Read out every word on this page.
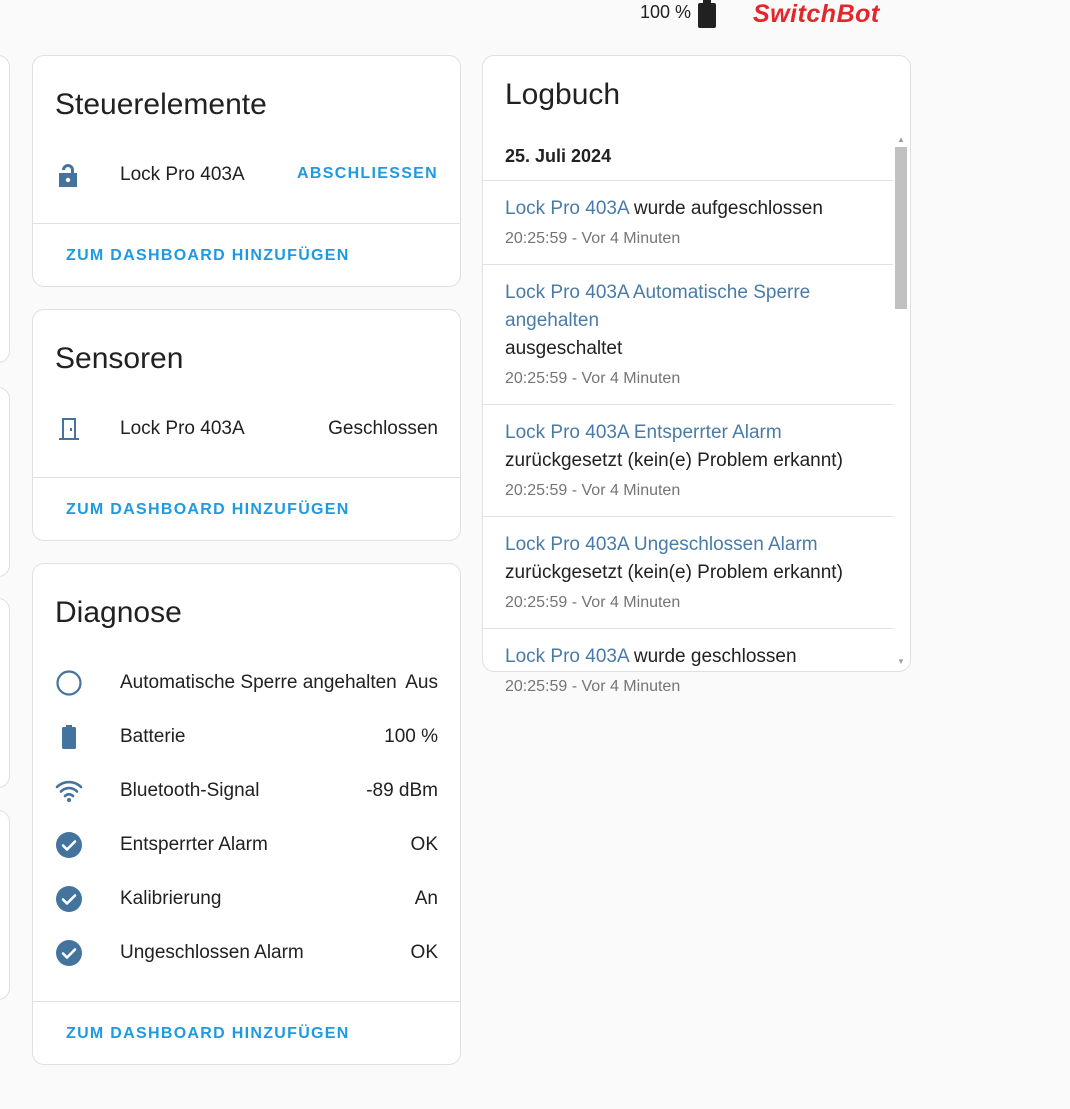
100 % SwitchBot
Steuerelemente
Lock Pro 403A	ABSCHLIESSEN
ZUM DASHBOARD HINZUFÜGEN
Sensoren
Lock Pro 403A	Geschlossen
ZUM DASHBOARD HINZUFÜGEN
Diagnose
Automatische Sperre angehalten Aus
Batterie	100 %
Bluetooth-Signal	-89 dBm
Entsperrter Alarm	OK
Kalibrierung	An
Ungeschlossen Alarm	OK
ZUM DASHBOARD HINZUFÜGEN
Logbuch
25. Juli 2024
Lock Pro 403A wurde aufgeschlossen
20:25:59 - Vor 4 Minuten
Lock Pro 403A Automatische Sperre angehalten
ausgeschaltet
20:25:59 - Vor 4 Minuten
Lock Pro 403A Entsperrter Alarm
zurückgesetzt (kein(e) Problem erkannt)
20:25:59 - Vor 4 Minuten
Lock Pro 403A Ungeschlossen Alarm
zurückgesetzt (kein(e) Problem erkannt)
20:25:59 - Vor 4 Minuten
Lock Pro 403A wurde geschlossen
20:25:59 - Vor 4 Minuten
▲
▼
